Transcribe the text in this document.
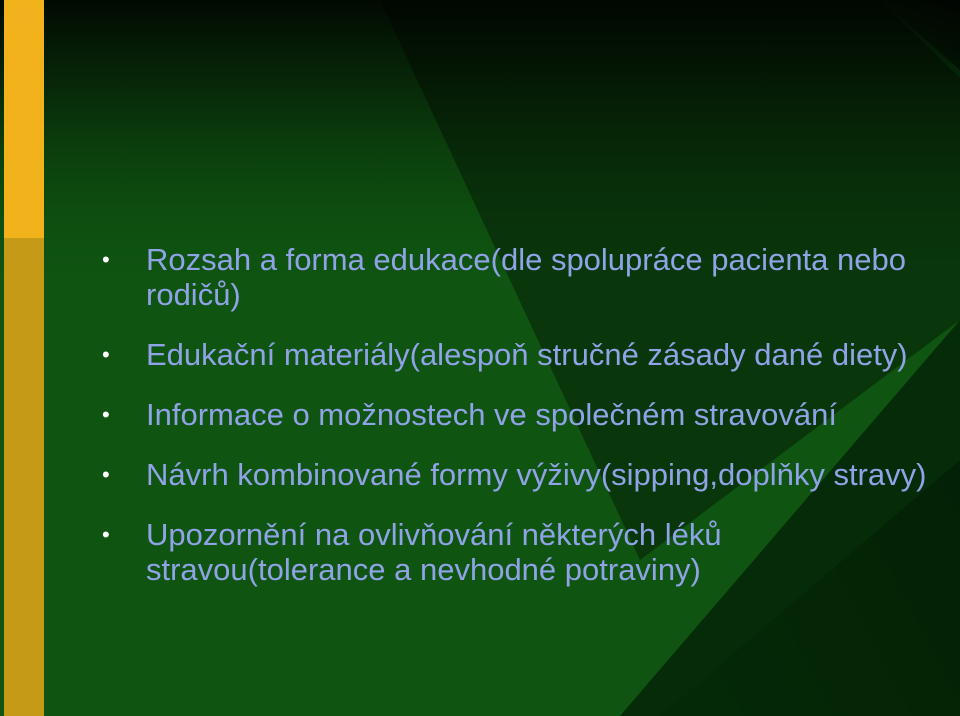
•	Rozsah a forma edukace(dle spolupráce pacienta nebo rodičů)
•	Edukační materiály(alespoň stručné zásady dané diety)
•	Informace o možnostech ve společném stravování
•	Návrh kombinované formy výživy(sipping,doplňky stravy)
•	Upozornění na ovlivňování některých léků stravou(tolerance a nevhodné potraviny)
